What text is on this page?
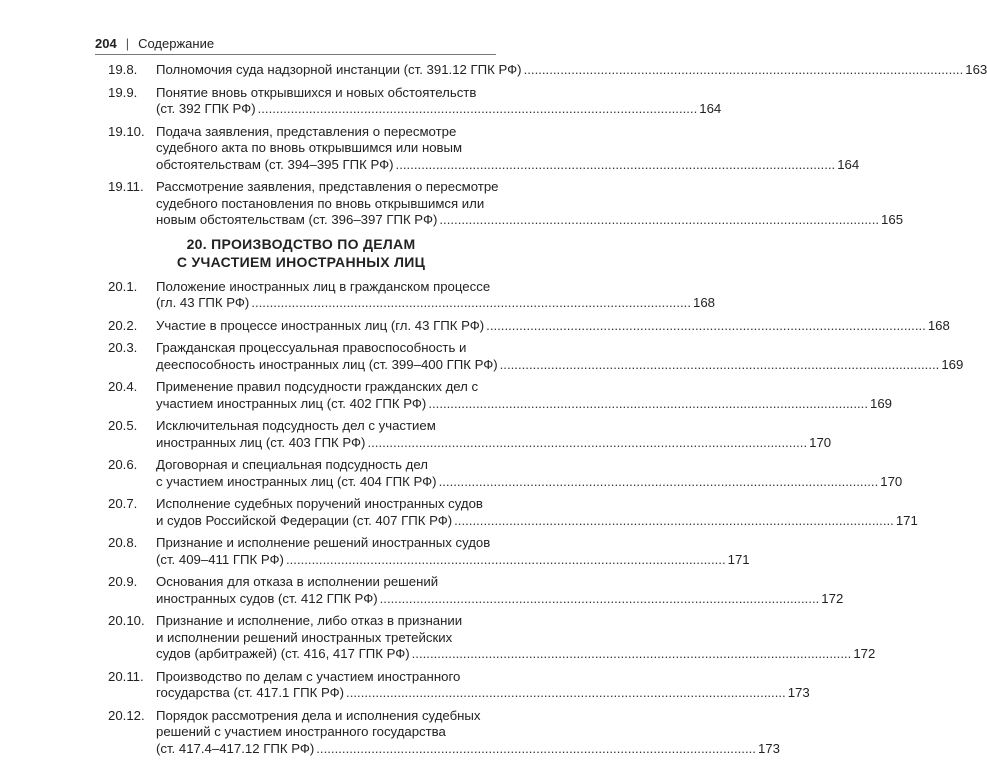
204 | Содержание
19.8.	Полномочия суда надзорной инстанции (ст. 391.12 ГПК РФ) .....	163
19.9.	Понятие вновь открывшихся и новых обстоятельств
(ст. 392 ГПК РФ) .....	164
19.10. Подача заявления, представления о пересмотре
судебного акта по вновь открывшимся или новым
обстоятельствам (ст. 394–395 ГПК РФ) .....	164
19.11. Рассмотрение заявления, представления о пересмотре
судебного постановления по вновь открывшимся или
новым обстоятельствам (ст. 396–397 ГПК РФ) .....	165
20. ПРОИЗВОДСТВО ПО ДЕЛАМ
С УЧАСТИЕМ ИНОСТРАННЫХ ЛИЦ
20.1.	Положение иностранных лиц в гражданском процессе
(гл. 43 ГПК РФ) .....	168
20.2.	Участие в процессе иностранных лиц (гл. 43 ГПК РФ) .....	168
20.3.	Гражданская процессуальная правоспособность и
дееспособность иностранных лиц (ст. 399–400 ГПК РФ) .....	169
20.4.	Применение правил подсудности гражданских дел с
участием иностранных лиц (ст. 402 ГПК РФ) .....	169
20.5.	Исключительная подсудность дел с участием
иностранных лиц (ст. 403 ГПК РФ) .....	170
20.6.	Договорная и специальная подсудность дел
с участием иностранных лиц (ст. 404 ГПК РФ) .....	170
20.7.	Исполнение судебных поручений иностранных судов
и судов Российской Федерации (ст. 407 ГПК РФ) .....	171
20.8.	Признание и исполнение решений иностранных судов
(ст. 409–411 ГПК РФ) .....	171
20.9.	Основания для отказа в исполнении решений
иностранных судов (ст. 412 ГПК РФ) .....	172
20.10. Признание и исполнение, либо отказ в признании
и исполнении решений иностранных третейских
судов (арбитражей) (ст. 416, 417 ГПК РФ) .....	172
20.11. Производство по делам с участием иностранного
государства (ст. 417.1 ГПК РФ) .....	173
20.12. Порядок рассмотрения дела и исполнения судебных
решений с участием иностранного государства
(ст. 417.4–417.12 ГПК РФ) .....	173
